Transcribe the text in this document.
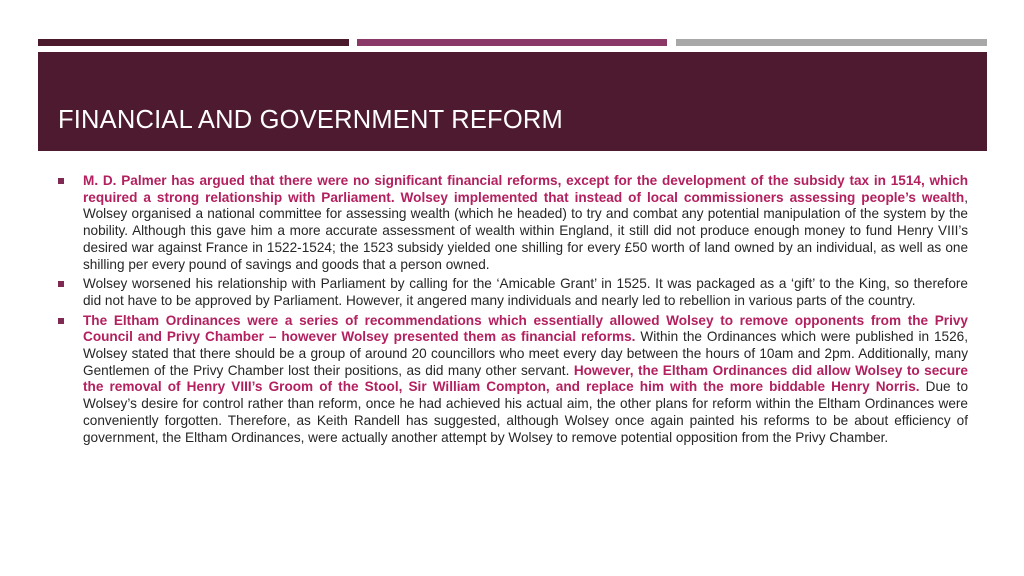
FINANCIAL AND GOVERNMENT REFORM

M. D. Palmer has argued that there were no significant financial reforms, except for the development of the subsidy tax in 1514, which required a strong relationship with Parliament. Wolsey implemented that instead of local commissioners assessing people’s wealth, Wolsey organised a national committee for assessing wealth (which he headed) to try and combat any potential manipulation of the system by the nobility. Although this gave him a more accurate assessment of wealth within England, it still did not produce enough money to fund Henry VIII’s desired war against France in 1522-1524; the 1523 subsidy yielded one shilling for every £50 worth of land owned by an individual, as well as one shilling per every pound of savings and goods that a person owned.

Wolsey worsened his relationship with Parliament by calling for the ‘Amicable Grant’ in 1525. It was packaged as a ‘gift’ to the King, so therefore did not have to be approved by Parliament. However, it angered many individuals and nearly led to rebellion in various parts of the country.

The Eltham Ordinances were a series of recommendations which essentially allowed Wolsey to remove opponents from the Privy Council and Privy Chamber – however Wolsey presented them as financial reforms. Within the Ordinances which were published in 1526, Wolsey stated that there should be a group of around 20 councillors who meet every day between the hours of 10am and 2pm. Additionally, many Gentlemen of the Privy Chamber lost their positions, as did many other servant. However, the Eltham Ordinances did allow Wolsey to secure the removal of Henry VIII’s Groom of the Stool, Sir William Compton, and replace him with the more biddable Henry Norris. Due to Wolsey’s desire for control rather than reform, once he had achieved his actual aim, the other plans for reform within the Eltham Ordinances were conveniently forgotten. Therefore, as Keith Randell has suggested, although Wolsey once again painted his reforms to be about efficiency of government, the Eltham Ordinances, were actually another attempt by Wolsey to remove potential opposition from the Privy Chamber.
